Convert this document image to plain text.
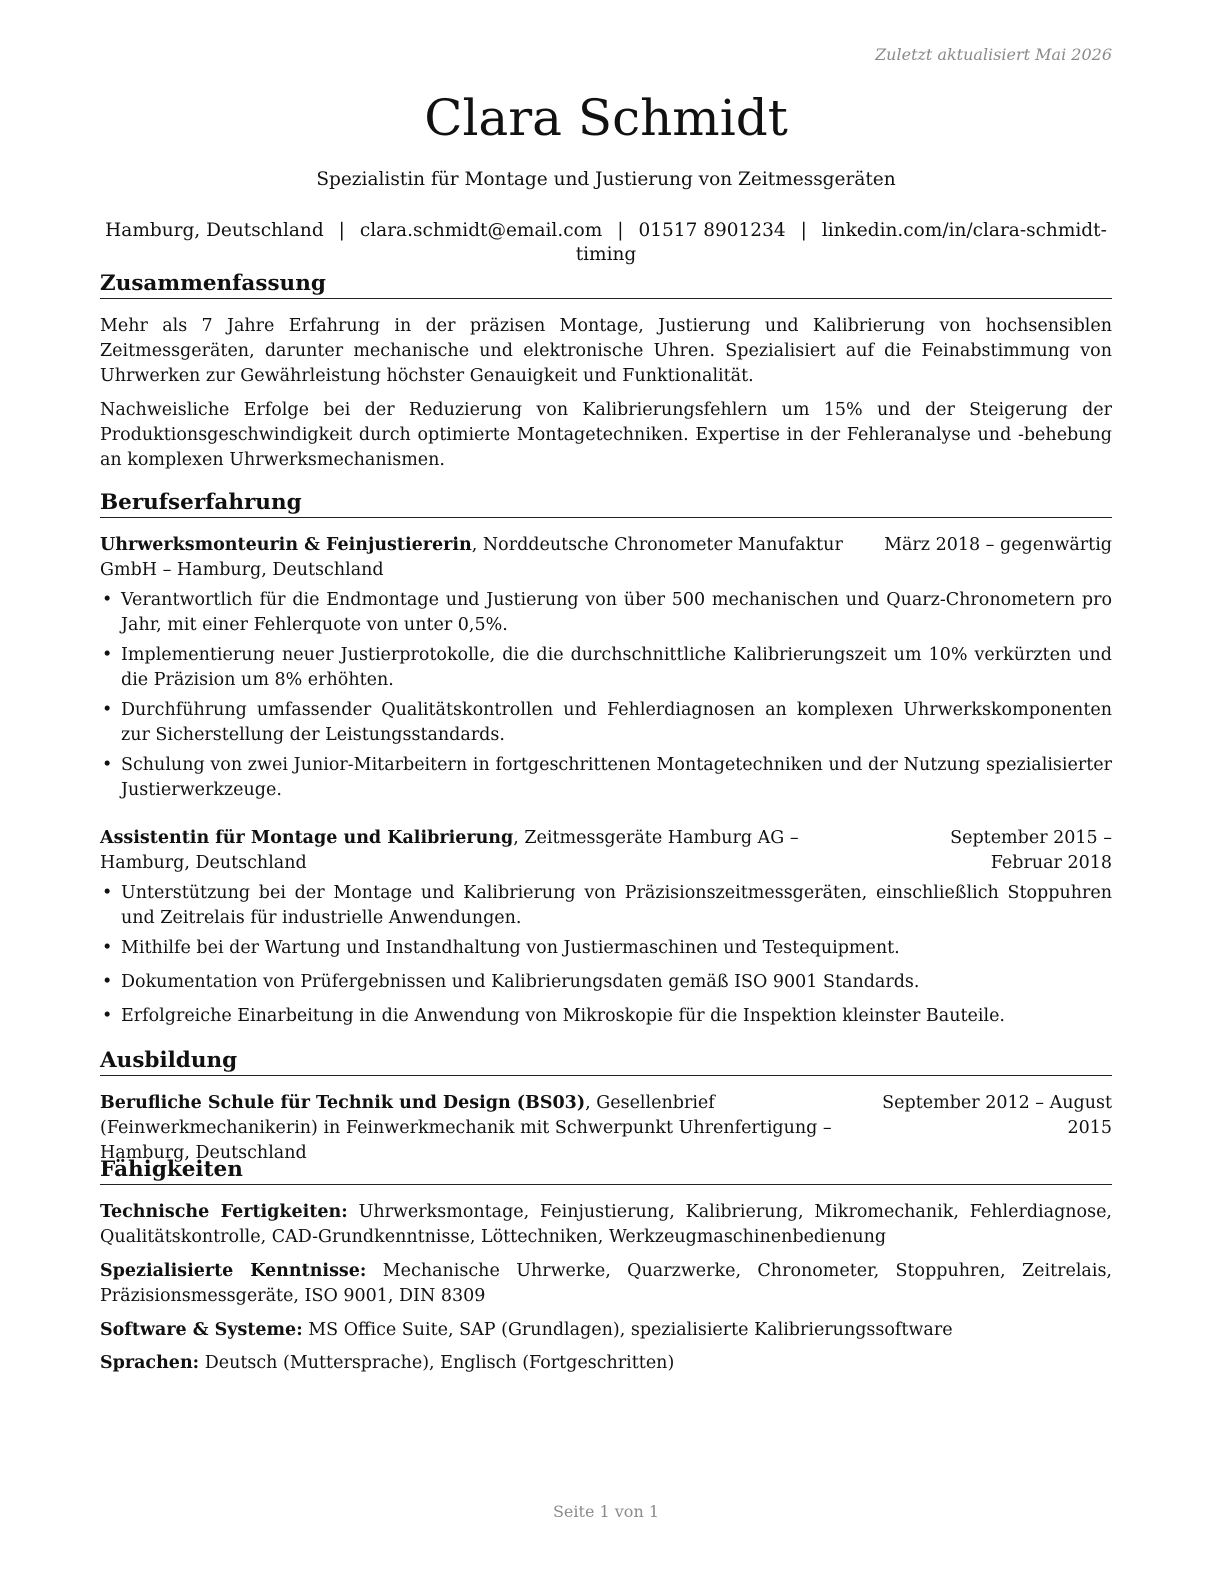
Zuletzt aktualisiert Mai 2026
Clara Schmidt
Spezialistin für Montage und Justierung von Zeitmessgeräten
Hamburg, Deutschland | clara.schmidt@email.com | 01517 8901234 | linkedin.com/in/clara-schmidt-timing
Zusammenfassung
Mehr als 7 Jahre Erfahrung in der präzisen Montage, Justierung und Kalibrierung von hochsensiblen Zeitmessgeräten, darunter mechanische und elektronische Uhren. Spezialisiert auf die Feinabstimmung von Uhrwerken zur Gewährleistung höchster Genauigkeit und Funktionalität.
Nachweisliche Erfolge bei der Reduzierung von Kalibrierungsfehlern um 15% und der Steigerung der Produktionsgeschwindigkeit durch optimierte Montagetechniken. Expertise in der Fehleranalyse und -behebung an komplexen Uhrwerksmechanismen.
Berufserfahrung
März 2018 – gegenwärtig
Uhrwerksmonteurin & Feinjustiererin, Norddeutsche Chronometer Manufaktur GmbH – Hamburg, Deutschland
• Verantwortlich für die Endmontage und Justierung von über 500 mechanischen und Quarz-Chronometern pro Jahr, mit einer Fehlerquote von unter 0,5%.
• Implementierung neuer Justierprotokolle, die die durchschnittliche Kalibrierungszeit um 10% verkürzten und die Präzision um 8% erhöhten.
• Durchführung umfassender Qualitätskontrollen und Fehlerdiagnosen an komplexen Uhrwerkskomponenten zur Sicherstellung der Leistungsstandards.
• Schulung von zwei Junior-Mitarbeitern in fortgeschrittenen Montagetechniken und der Nutzung spezialisierter Justierwerkzeuge.
September 2015 – Februar 2018
Assistentin für Montage und Kalibrierung, Zeitmessgeräte Hamburg AG – Hamburg, Deutschland
• Unterstützung bei der Montage und Kalibrierung von Präzisionszeitmessgeräten, einschließlich Stoppuhren und Zeitrelais für industrielle Anwendungen.
• Mithilfe bei der Wartung und Instandhaltung von Justiermaschinen und Testequipment.
• Dokumentation von Prüfergebnissen und Kalibrierungsdaten gemäß ISO 9001 Standards.
• Erfolgreiche Einarbeitung in die Anwendung von Mikroskopie für die Inspektion kleinster Bauteile.
Ausbildung
September 2012 – August 2015
Berufliche Schule für Technik und Design (BS03), Gesellenbrief (Feinwerkmechanikerin) in Feinwerkmechanik mit Schwerpunkt Uhrenfertigung – Hamburg, Deutschland
Fähigkeiten
Technische Fertigkeiten: Uhrwerksmontage, Feinjustierung, Kalibrierung, Mikromechanik, Fehlerdiagnose, Qualitätskontrolle, CAD-Grundkenntnisse, Löttechniken, Werkzeugmaschinenbedienung
Spezialisierte Kenntnisse: Mechanische Uhrwerke, Quarzwerke, Chronometer, Stoppuhren, Zeitrelais, Präzisionsmessgeräte, ISO 9001, DIN 8309
Software & Systeme: MS Office Suite, SAP (Grundlagen), spezialisierte Kalibrierungssoftware
Sprachen: Deutsch (Muttersprache), Englisch (Fortgeschritten)
Seite 1 von 1
